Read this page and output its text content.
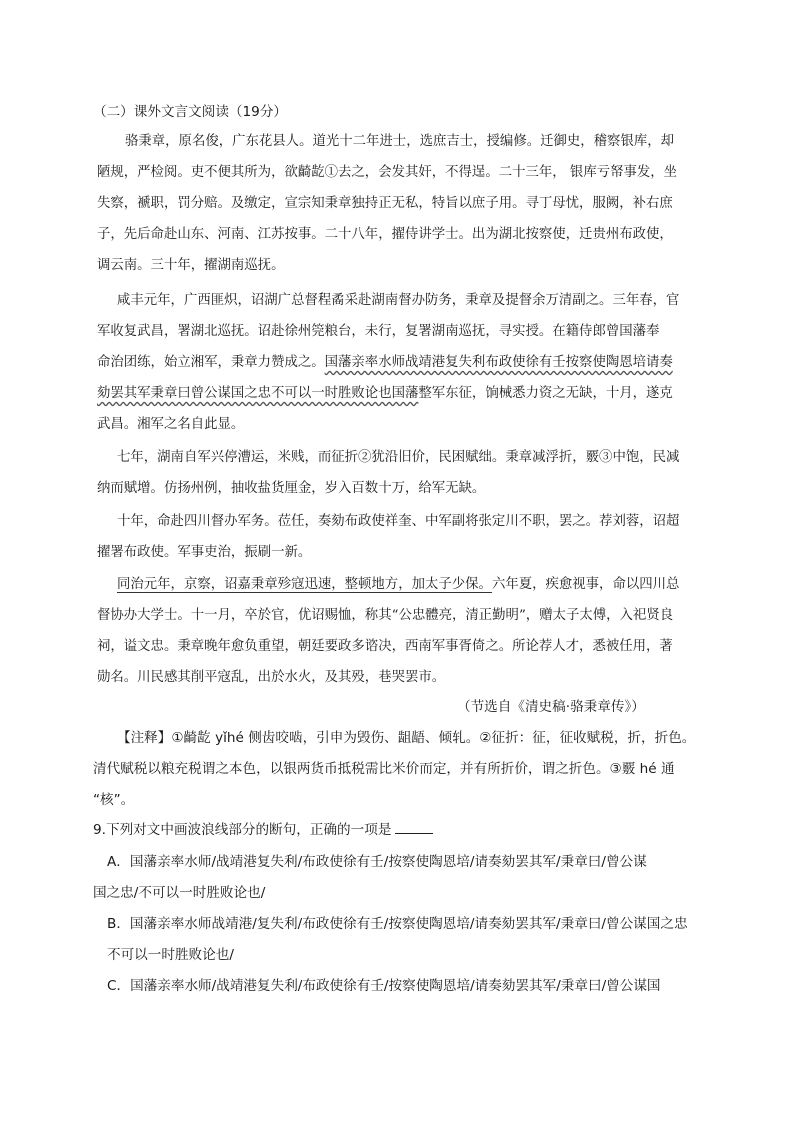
（二）课外文言文阅读（19分）
骆秉章，原名俊，广东花县人。道光十二年进士，选庶吉士，授编修。迁御史，稽察银库，却
陋规，严检阅。吏不便其所为，欲齮龁①去之，会发其奸，不得逞。二十三年， 银库亏帑事发，坐
失察，褫职，罚分赔。及缴定，宣宗知秉章独持正无私，特旨以庶子用。寻丁母忧，服阙，补右庶
子，先后命赴山东、河南、江苏按事。二十八年，擢侍讲学士。出为湖北按察使，迁贵州布政使，
调云南。三十年，擢湖南巡抚。
咸丰元年，广西匪炽，诏湖广总督程矞采赴湖南督办防务，秉章及提督余万清副之。三年春，官
军收复武昌，署湖北巡抚。诏赴徐州筦粮台，未行，复署湖南巡抚，寻实授。在籍侍郎曾国藩奉
命治团练，始立湘军，秉章力赞成之。国藩亲率水师战靖港复失利布政使徐有壬按察使陶恩培请奏
劾罢其军秉章曰曾公谋国之忠不可以一时胜败论也国藩整军东征，饷械悉力资之无缺，十月，遂克
武昌。湘军之名自此显。
七年，湖南自军兴停漕运，米贱，而征折②犹沿旧价，民困赋绌。秉章减浮折，覈③中饱，民减
纳而赋增。仿扬州例，抽收盐货厘金，岁入百数十万，给军无缺。
十年，命赴四川督办军务。莅任，奏劾布政使祥奎、中军副将张定川不职，罢之。荐刘蓉，诏超
擢署布政使。军事吏治，振刷一新。
同治元年，京察，诏嘉秉章殄寇迅速，整顿地方，加太子少保。六年夏，疾愈视事，命以四川总
督协办大学士。十一月，卒於官，优诏赐恤，称其“公忠體亮，清正勤明”，赠太子太傅，入祀贤良
祠，谥文忠。秉章晚年愈负重望，朝廷要政多谘决，西南军事胥倚之。所论荐人才，悉被任用，著
勋名。川民感其削平寇乱，出於水火，及其殁，巷哭罢市。
（节选自《清史稿·骆秉章传》）
【注释】①齮龁 yǐhé 侧齿咬啮，引申为毁伤、龃龉、倾轧。②征折：征，征收赋税，折，折色。
清代赋税以粮充税谓之本色，以银两货币抵税需比米价而定，并有所折价，谓之折色。③覈 hé 通
“核”。
9.下列对文中画波浪线部分的断句，正确的一项是
A．国藩亲率水师/战靖港复失利/布政使徐有壬/按察使陶恩培/请奏劾罢其军/秉章曰/曾公谋
国之忠/不可以一时胜败论也/
B．国藩亲率水师战靖港/复失利/布政使徐有壬/按察使陶恩培/请奏劾罢其军/秉章曰/曾公谋国之忠
不可以一时胜败论也/
C．国藩亲率水师/战靖港复失利/布政使徐有壬/按察使陶恩培/请奏劾罢其军/秉章曰/曾公谋国
